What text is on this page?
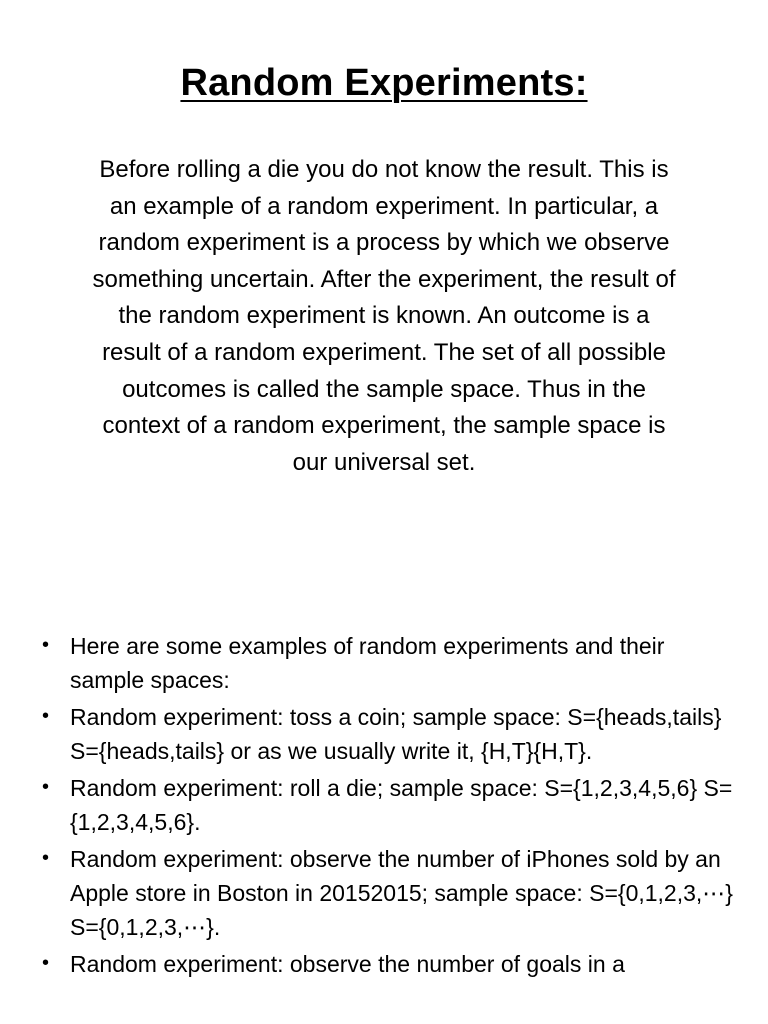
Random Experiments:

Before rolling a die you do not know the result. This is an example of a random experiment. In particular, a random experiment is a process by which we observe something uncertain. After the experiment, the result of the random experiment is known. An outcome is a result of a random experiment. The set of all possible outcomes is called the sample space. Thus in the context of a random experiment, the sample space is our universal set.

• Here are some examples of random experiments and their sample spaces:
• Random experiment: toss a coin; sample space: S={heads,tails} S={heads,tails} or as we usually write it, {H,T}{H,T}.
• Random experiment: roll a die; sample space: S={1,2,3,4,5,6} S={1,2,3,4,5,6}.
• Random experiment: observe the number of iPhones sold by an Apple store in Boston in 20152015; sample space: S={0,1,2,3,⋯} S={0,1,2,3,⋯}.
• Random experiment: observe the number of goals in a
